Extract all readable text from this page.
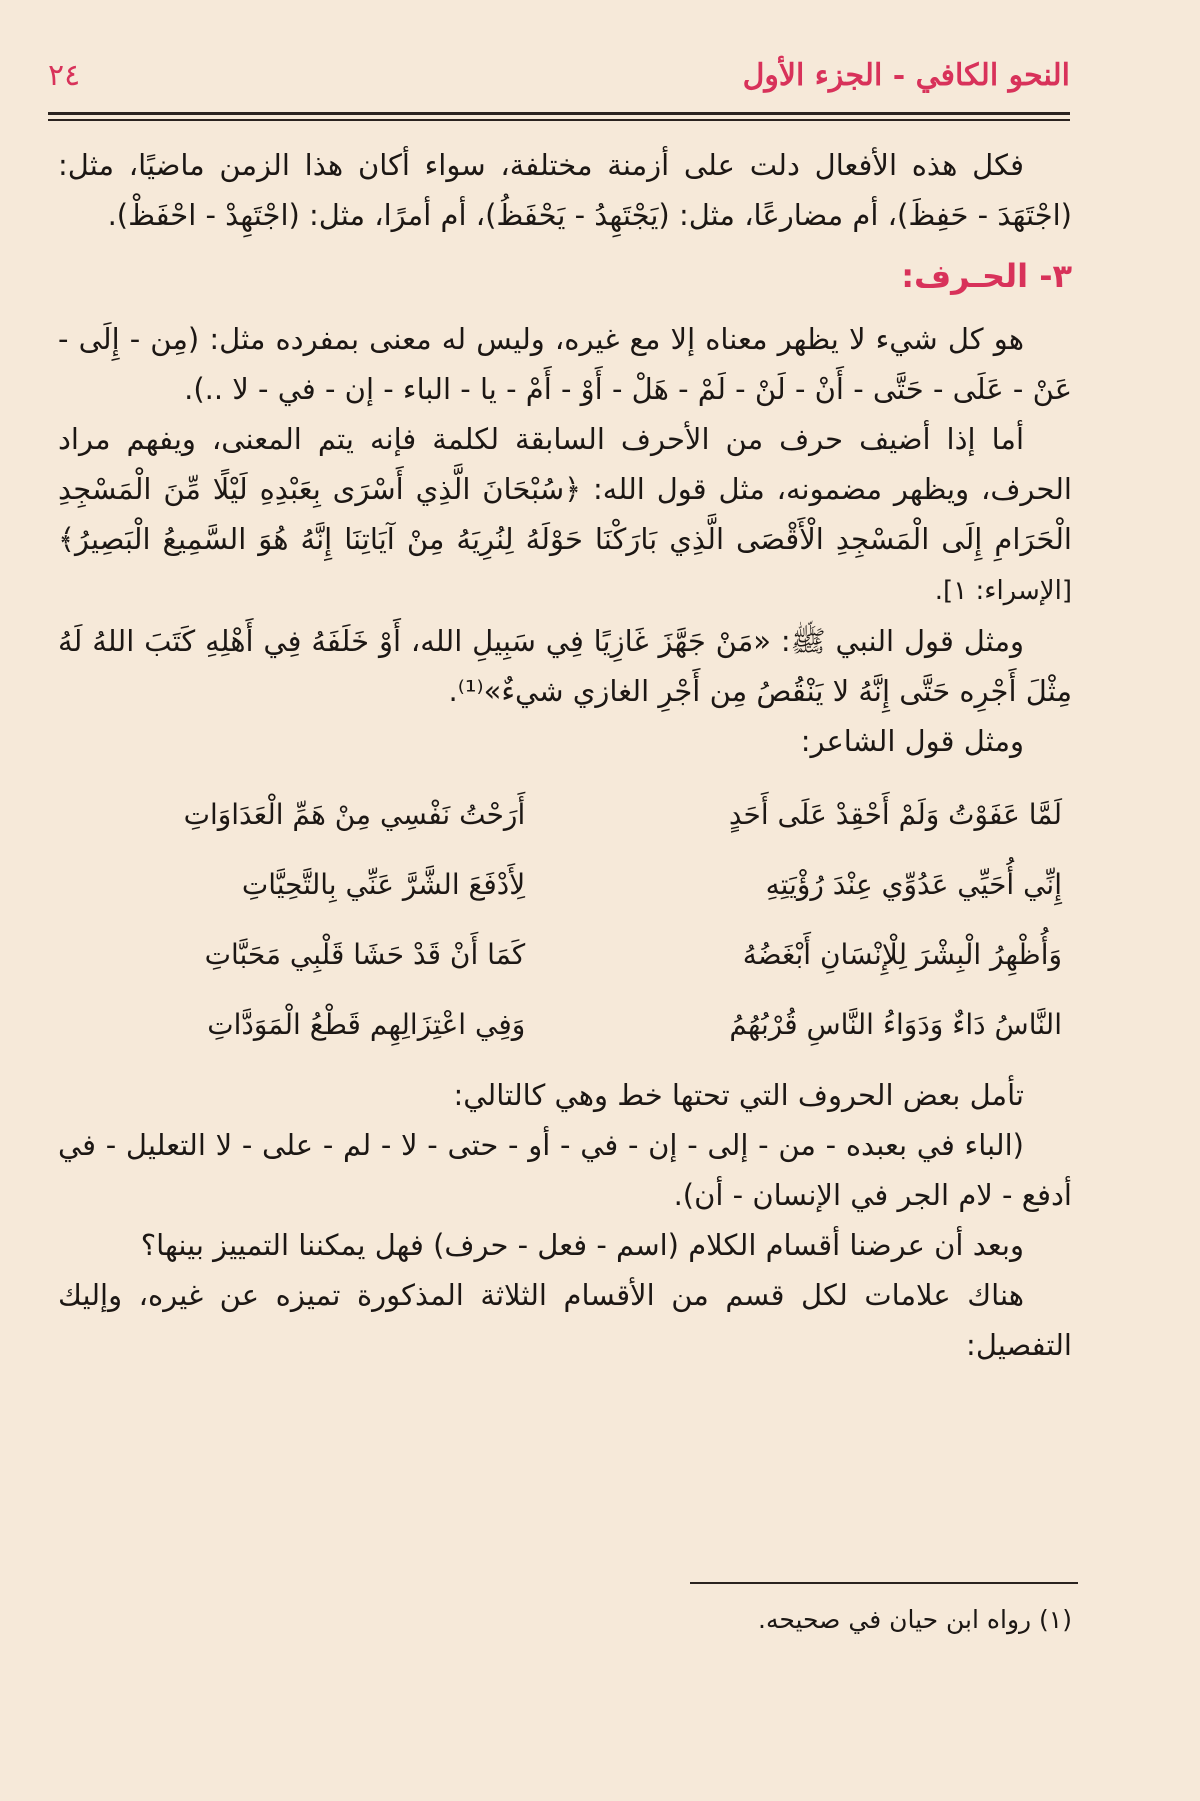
النحو الكافي - الجزء الأول
٢٤

فكل هذه الأفعال دلت على أزمنة مختلفة، سواء أكان هذا الزمن ماضيًا، مثل: (اجْتَهَدَ - حَفِظَ)، أم مضارعًا، مثل: (يَجْتَهِدُ - يَحْفَظُ)، أم أمرًا، مثل: (اجْتَهِدْ - احْفَظْ).

٣- الحـرف:

هو كل شيء لا يظهر معناه إلا مع غيره، وليس له معنى بمفرده مثل: (مِن - إِلَى - عَنْ - عَلَى - حَتَّى - أَنْ - لَنْ - لَمْ - هَلْ - أَوْ - أَمْ - يا - الباء - إن - في - لا ..).

أما إذا أضيف حرف من الأحرف السابقة لكلمة فإنه يتم المعنى، ويفهم مراد الحرف، ويظهر مضمونه، مثل قول الله: ﴿سُبْحَانَ الَّذِي أَسْرَى بِعَبْدِهِ لَيْلًا مِّنَ الْمَسْجِدِ الْحَرَامِ إِلَى الْمَسْجِدِ الْأَقْصَى الَّذِي بَارَكْنَا حَوْلَهُ لِنُرِيَهُ مِنْ آيَاتِنَا إِنَّهُ هُوَ السَّمِيعُ الْبَصِيرُ﴾ [الإسراء: ١].

ومثل قول النبي ﷺ: «مَنْ جَهَّزَ غَازِيًا فِي سَبِيلِ الله، أَوْ خَلَفَهُ فِي أَهْلِهِ كَتَبَ اللهُ لَهُ مِثْلَ أَجْرِه حَتَّى إِنَّهُ لا يَنْقُصُ مِن أَجْرِ الغازي شيءٌ»⁽¹⁾.

ومثل قول الشاعر:

لَمَّا عَفَوْتُ وَلَمْ أَحْقِدْ عَلَى أَحَدٍ
أَرَحْتُ نَفْسِي مِنْ هَمِّ الْعَدَاوَاتِ
إِنِّي أُحَيِّي عَدُوِّي عِنْدَ رُؤْيَتِهِ
لِأَدْفَعَ الشَّرَّ عَنِّي بِالتَّحِيَّاتِ
وَأُظْهِرُ الْبِشْرَ لِلْإِنْسَانِ أَبْغَضُهُ
كَمَا أَنْ قَدْ حَشَا قَلْبِي مَحَبَّاتِ
النَّاسُ دَاءٌ وَدَوَاءُ النَّاسِ قُرْبُهُمُ
وَفِي اعْتِزَالِهِم قَطْعُ الْمَوَدَّاتِ

تأمل بعض الحروف التي تحتها خط وهي كالتالي:

(الباء في بعبده - من - إلى - إن - في - أو - حتى - لا - لم - على - لا التعليل - في أدفع - لام الجر في الإنسان - أن).

وبعد أن عرضنا أقسام الكلام (اسم - فعل - حرف) فهل يمكننا التمييز بينها؟

هناك علامات لكل قسم من الأقسام الثلاثة المذكورة تميزه عن غيره، وإليك التفصيل:

(١) رواه ابن حيان في صحيحه.
